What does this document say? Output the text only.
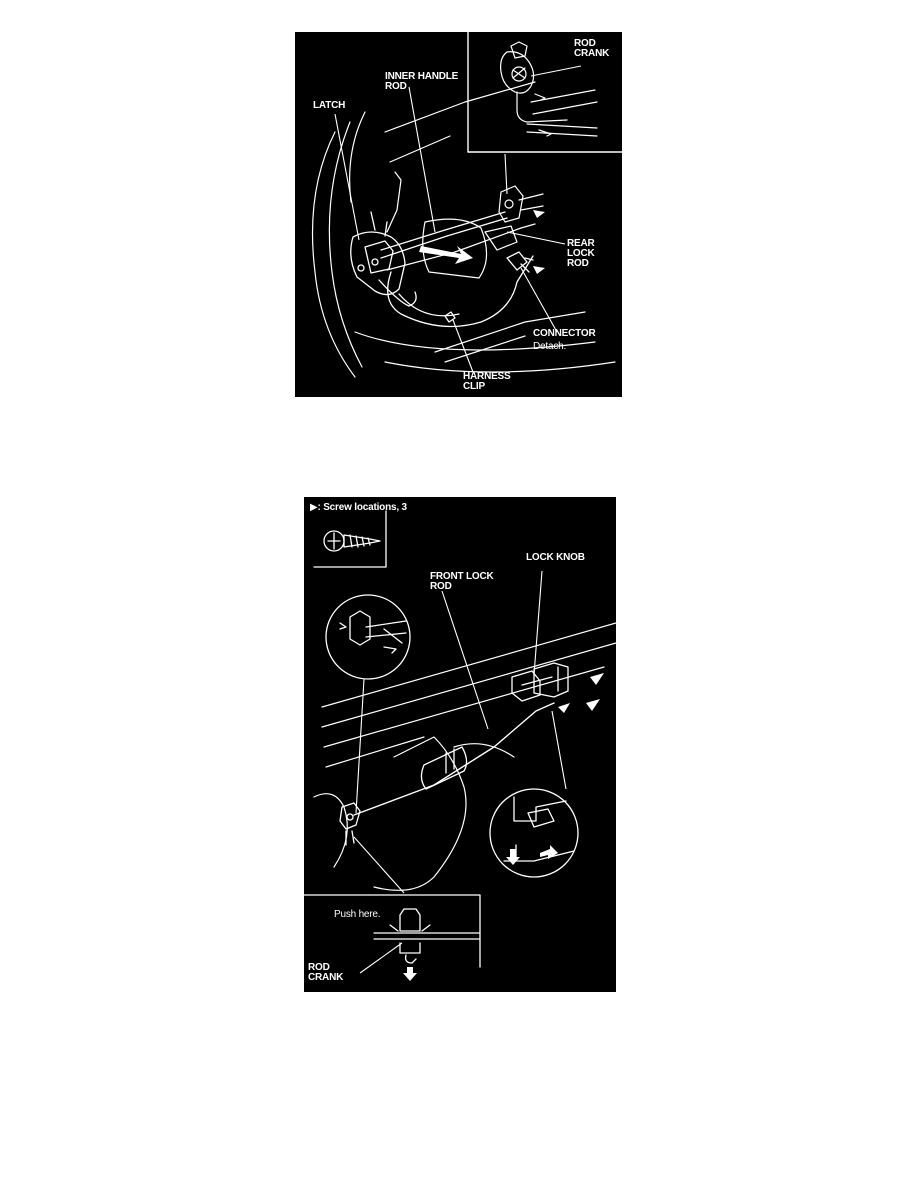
ROD
CRANK
INNER HANDLE
ROD
LATCH
REAR
LOCK
ROD
CONNECTOR
Detach.
HARNESS
CLIP
▶: Screw locations, 3
FRONT LOCK
ROD
LOCK KNOB
Push here.
ROD
CRANK
